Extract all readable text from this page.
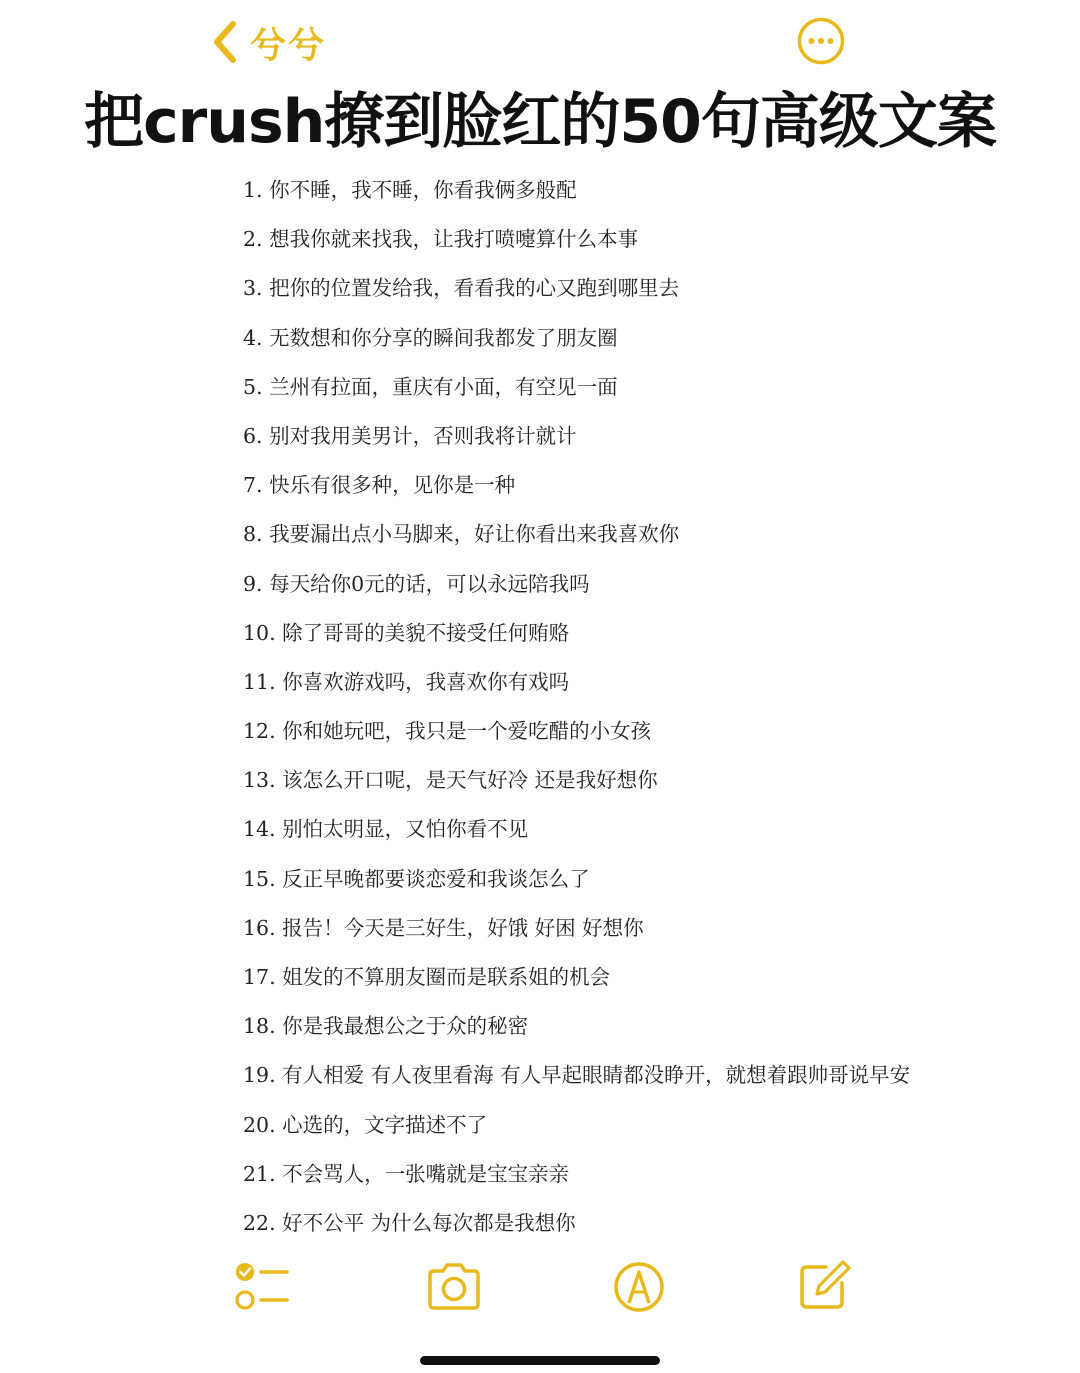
兮兮
把crush撩到脸红的50句高级文案
1. 你不睡，我不睡，你看我俩多般配
2. 想我你就来找我，让我打喷嚏算什么本事
3. 把你的位置发给我，看看我的心又跑到哪里去
4. 无数想和你分享的瞬间我都发了朋友圈
5. 兰州有拉面，重庆有小面，有空见一面
6. 别对我用美男计，否则我将计就计
7. 快乐有很多种，见你是一种
8. 我要漏出点小马脚来，好让你看出来我喜欢你
9. 每天给你0元的话，可以永远陪我吗
10. 除了哥哥的美貌不接受任何贿赂
11. 你喜欢游戏吗，我喜欢你有戏吗
12. 你和她玩吧，我只是一个爱吃醋的小女孩
13. 该怎么开口呢，是天气好冷 还是我好想你
14. 别怕太明显，又怕你看不见
15. 反正早晚都要谈恋爱和我谈怎么了
16. 报告！今天是三好生，好饿 好困 好想你
17. 姐发的不算朋友圈而是联系姐的机会
18. 你是我最想公之于众的秘密
19. 有人相爱 有人夜里看海 有人早起眼睛都没睁开，就想着跟帅哥说早安
20. 心选的，文字描述不了
21. 不会骂人，一张嘴就是宝宝亲亲
22. 好不公平 为什么每次都是我想你
